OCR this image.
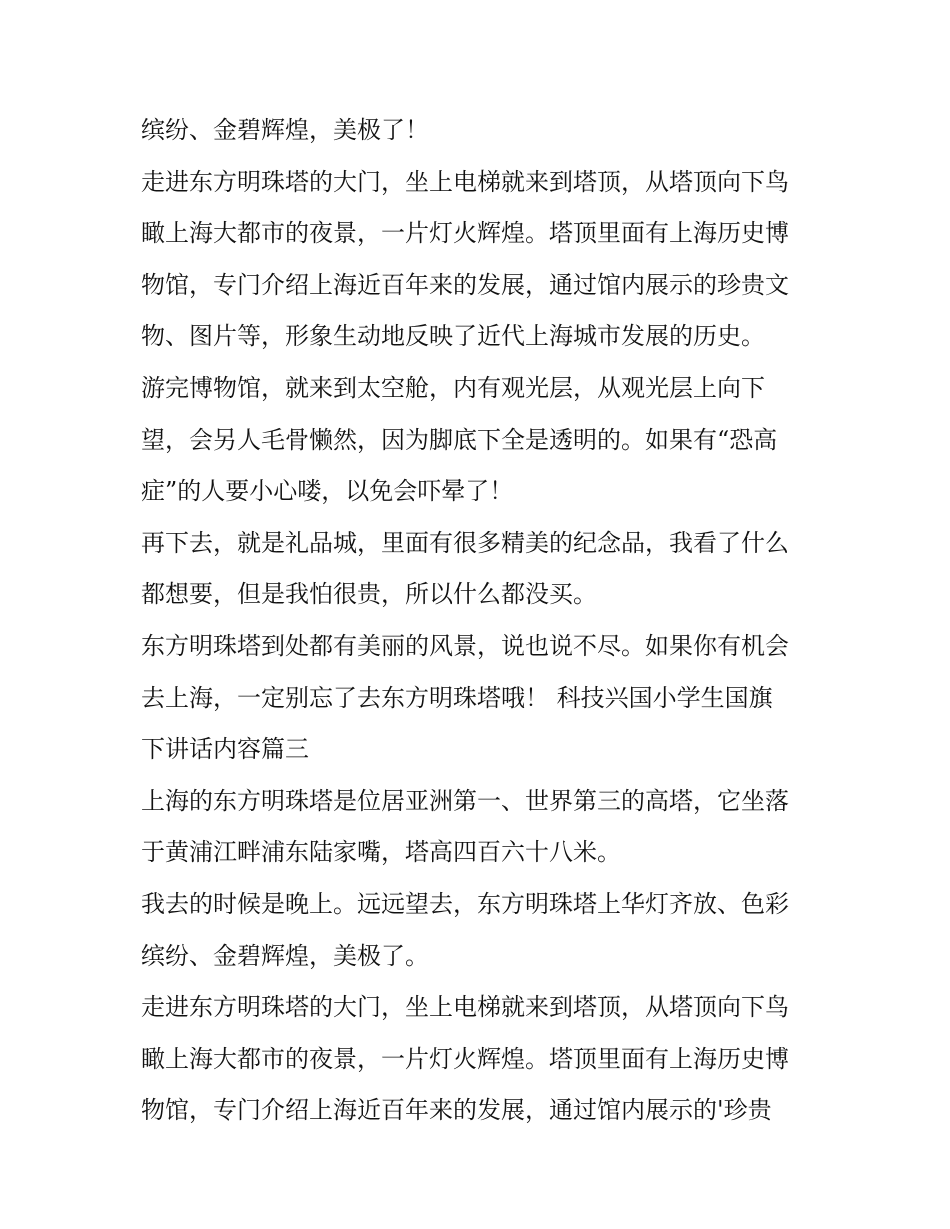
缤纷、金碧辉煌，美极了！
走进东方明珠塔的大门，坐上电梯就来到塔顶，从塔顶向下鸟
瞰上海大都市的夜景，一片灯火辉煌。塔顶里面有上海历史博
物馆，专门介绍上海近百年来的发展，通过馆内展示的珍贵文
物、图片等，形象生动地反映了近代上海城市发展的历史。
游完博物馆，就来到太空舱，内有观光层，从观光层上向下
望，会另人毛骨懒然，因为脚底下全是透明的。如果有“恐高
症”的人要小心喽，以免会吓晕了！
再下去，就是礼品城，里面有很多精美的纪念品，我看了什么
都想要，但是我怕很贵，所以什么都没买。
东方明珠塔到处都有美丽的风景，说也说不尽。如果你有机会
去上海，一定别忘了去东方明珠塔哦！ 科技兴国小学生国旗
下讲话内容篇三
上海的东方明珠塔是位居亚洲第一、世界第三的高塔，它坐落
于黄浦江畔浦东陆家嘴，塔高四百六十八米。
我去的时候是晚上。远远望去，东方明珠塔上华灯齐放、色彩
缤纷、金碧辉煌，美极了。
走进东方明珠塔的大门，坐上电梯就来到塔顶，从塔顶向下鸟
瞰上海大都市的夜景，一片灯火辉煌。塔顶里面有上海历史博
物馆，专门介绍上海近百年来的发展，通过馆内展示的'珍贵
